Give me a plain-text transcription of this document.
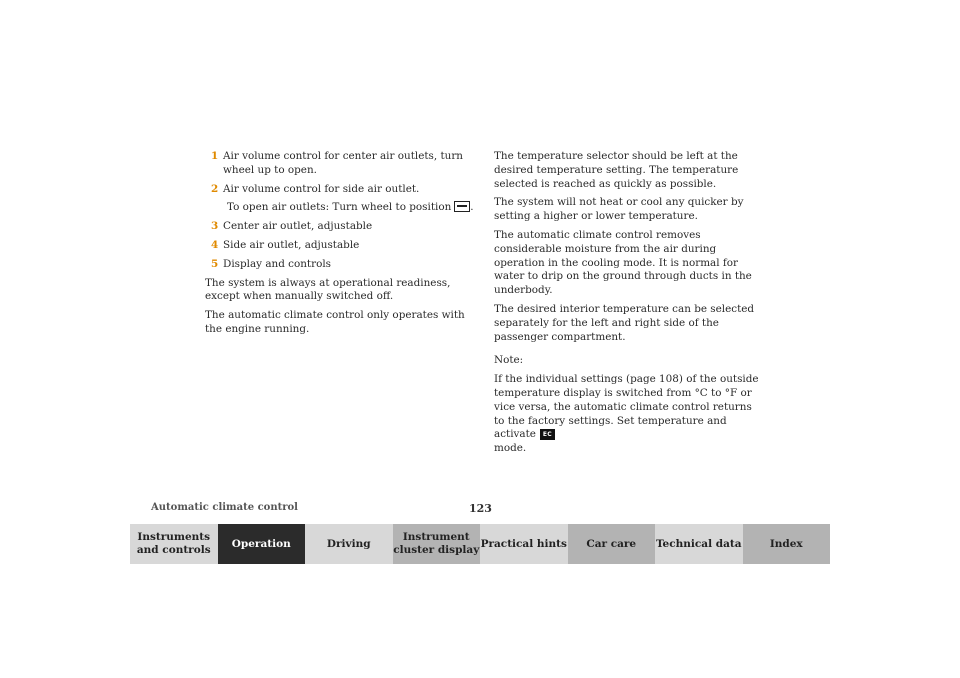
1 Air volume control for center air outlets, turn wheel up to open.
2 Air volume control for side air outlet.
To open air outlets: Turn wheel to position .
3 Center air outlet, adjustable
4 Side air outlet, adjustable
5 Display and controls
The system is always at operational readiness, except when manually switched off.
The automatic climate control only operates with the engine running.
The temperature selector should be left at the desired temperature setting. The temperature selected is reached as quickly as possible.
The system will not heat or cool any quicker by setting a higher or lower temperature.
The automatic climate control removes considerable moisture from the air during operation in the cooling mode. It is normal for water to drip on the ground through ducts in the underbody.
The desired interior temperature can be selected separately for the left and right side of the passenger compartment.
Note:
If the individual settings (page 108) of the outside temperature display is switched from °C to °F or vice versa, the automatic climate control returns to the factory settings. Set temperature and activate EC
mode.
Automatic climate control	123
Instruments and controls
Operation	Driving
Instrument cluster display
Practical hints Car care Technical data	Index
